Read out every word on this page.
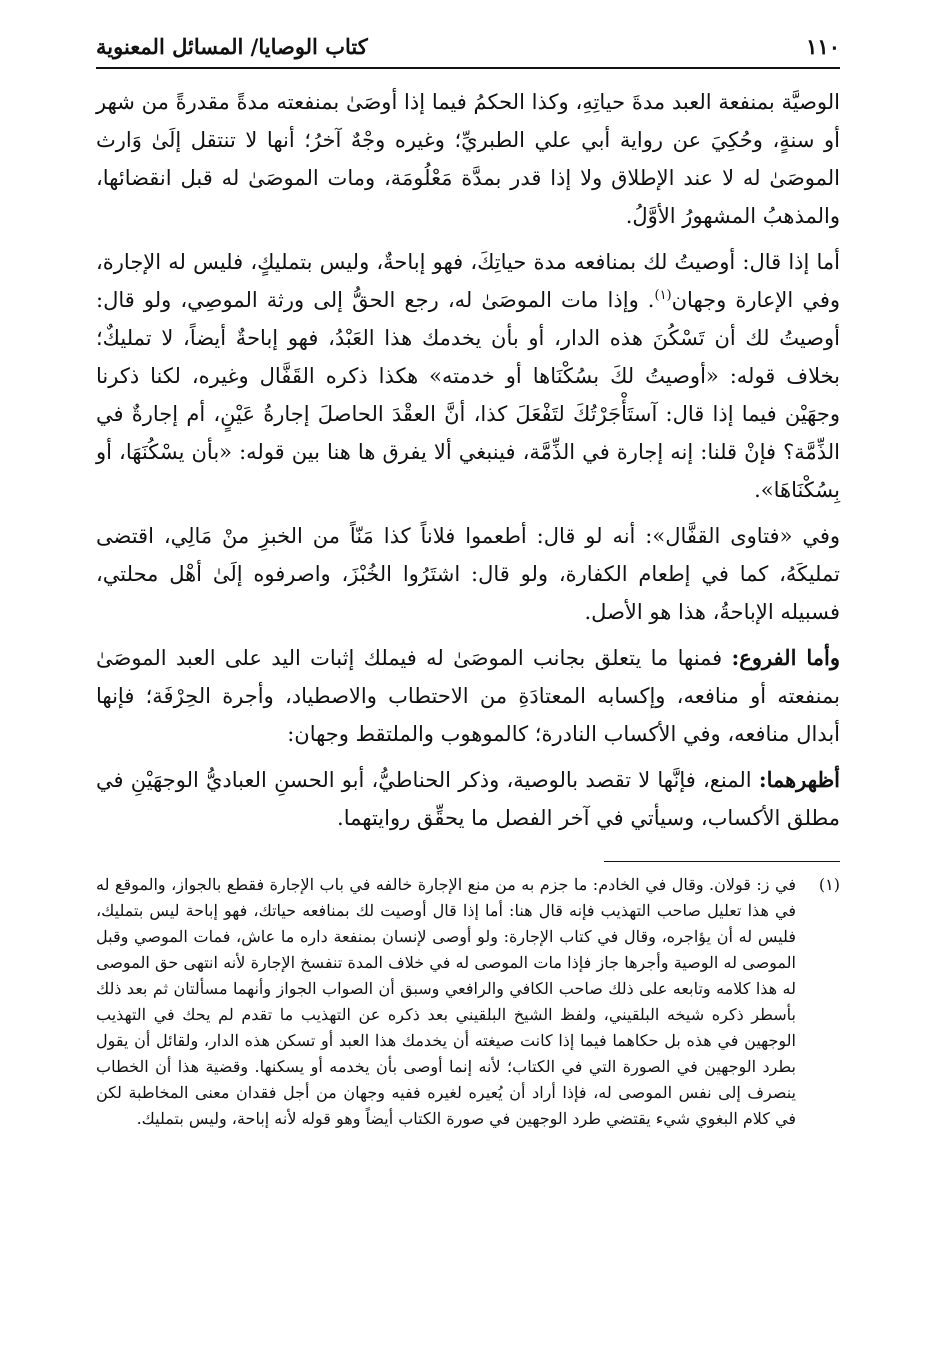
١١٠
كتاب الوصايا/ المسائل المعنوية

الوصيَّة بمنفعة العبد مدةَ حياتِهِ، وكذا الحكمُ فيما إذا أوصَىٰ بمنفعته مدةً مقدرةً من شهر أو سنةٍ، وحُكِيَ عن رواية أبي علي الطبريِّ؛ وغيره وجْهٌ آخرُ؛ أنها لا تنتقل إلَىٰ وَارث الموصَىٰ له لا عند الإطلاق ولا إذا قدر بمدَّة مَعْلُومَة، ومات الموصَىٰ له قبل انقضائها، والمذهبُ المشهورُ الأوَّلُ.

أما إذا قال: أوصيتُ لك بمنافعه مدة حياتِكَ، فهو إباحةٌ، وليس بتمليكٍ، فليس له الإجارة، وفي الإعارة وجهان$^{(١)}$. وإذا مات الموصَىٰ له، رجع الحقُّ إلى ورثة الموصِي، ولو قال: أوصيتُ لك أن تَسْكُنَ هذه الدار، أو بأن يخدمك هذا العَبْدُ، فهو إباحةٌ أيضاً، لا تمليكٌ؛ بخلاف قوله: «أوصيتُ لكَ بسُكْنَاها أو خدمته» هكذا ذكره القَفَّال وغيره، لكنا ذكرنا وجهَيْن فيما إذا قال: آستَأْجَرْتُكَ لتَفْعَلَ كذا، أنَّ العقْدَ الحاصلَ إجارةُ عَيْنٍ، أم إجارةٌ في الذِّمَّة؟ فإنْ قلنا: إنه إجارة في الذِّمَّة، فينبغي ألا يفرق ها هنا بين قوله: «بأن يسْكُنَهَا، أو بِسُكْنَاهَا».

وفي «فتاوى القفَّال»: أنه لو قال: أطعموا فلاناً كذا مَنّاً من الخبزِ منْ مَالِي، اقتضى تمليكَهُ، كما في إطعام الكفارة، ولو قال: اشتَرُوا الخُبْزَ، واصرفوه إلَىٰ أهْل محلتي، فسبيله الإباحةُ، هذا هو الأصل.

وأما الفروع: فمنها ما يتعلق بجانب الموصَىٰ له فيملك إثبات اليد على العبد الموصَىٰ بمنفعته أو منافعه، وإكسابه المعتادَةِ من الاحتطاب والاصطياد، وأجرة الحِرْفَة؛ فإنها أبدال منافعه، وفي الأكساب النادرة؛ كالموهوب والملتقط وجهان:

أظهرهما: المنع، فإنَّها لا تقصد بالوصية، وذكر الحناطيُّ، أبو الحسنِ العباديُّ الوجهَيْنِ في مطلق الأكساب، وسيأتي في آخر الفصل ما يحقِّق روايتهما.

(١)
في ز: قولان. وقال في الخادم: ما جزم به من منع الإجارة خالفه في باب الإجارة فقطع بالجواز، والموقع له في هذا تعليل صاحب التهذيب فإنه قال هنا: أما إذا قال أوصيت لك بمنافعه حياتك، فهو إباحة ليس بتمليك، فليس له أن يؤاجره، وقال في كتاب الإجارة: ولو أوصى لإنسان بمنفعة داره ما عاش، فمات الموصي وقبل الموصى له الوصية وأجرها جاز فإذا مات الموصى له في خلاف المدة تنفسخ الإجارة لأنه انتهى حق الموصى له هذا كلامه وتابعه على ذلك صاحب الكافي والرافعي وسبق أن الصواب الجواز وأنهما مسألتان ثم بعد ذلك بأسطر ذكره شيخه البلقيني، ولفظ الشيخ البلقيني بعد ذكره عن التهذيب ما تقدم لم يحك في التهذيب الوجهين في هذه بل حكاهما فيما إذا كانت صيغته أن يخدمك هذا العبد أو تسكن هذه الدار، ولقائل أن يقول بطرد الوجهين في الصورة التي في الكتاب؛ لأنه إنما أوصى بأن يخدمه أو يسكنها. وقضية هذا أن الخطاب ينصرف إلى نفس الموصى له، فإذا أراد أن يُعيره لغيره ففيه وجهان من أجل فقدان معنى المخاطبة لكن في كلام البغوي شيء يقتضي طرد الوجهين في صورة الكتاب أيضاً وهو قوله لأنه إباحة، وليس بتمليك.
